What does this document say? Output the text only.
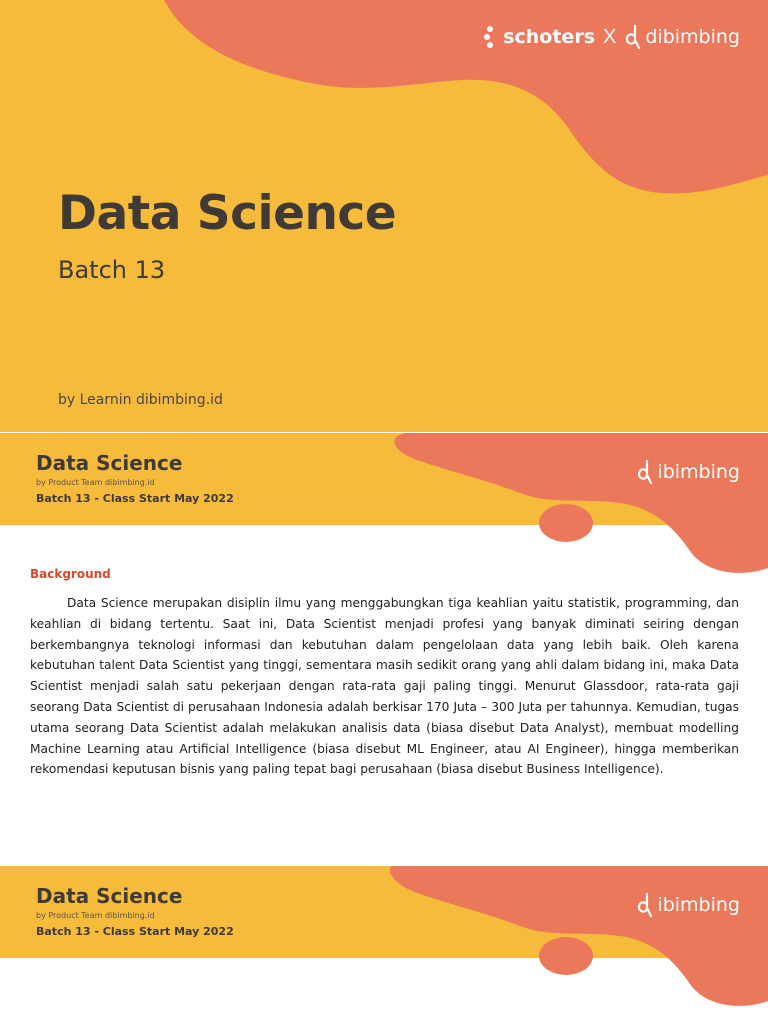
schoters X dibimbing
Data Science
Batch 13
by Learnin dibimbing.id
Data Science
by Product Team dibimbing.id
Batch 13 - Class Start May 2022
ibimbing
Background

Data Science merupakan disiplin ilmu yang menggabungkan tiga keahlian yaitu statistik, programming, dan keahlian di bidang tertentu. Saat ini, Data Scientist menjadi profesi yang banyak diminati seiring dengan berkembangnya teknologi informasi dan kebutuhan dalam pengelolaan data yang lebih baik. Oleh karena kebutuhan talent Data Scientist yang tinggi, sementara masih sedikit orang yang ahli dalam bidang ini, maka Data Scientist menjadi salah satu pekerjaan dengan rata-rata gaji paling tinggi. Menurut Glassdoor, rata-rata gaji seorang Data Scientist di perusahaan Indonesia adalah berkisar 170 Juta – 300 Juta per tahunnya. Kemudian, tugas utama seorang Data Scientist adalah melakukan analisis data (biasa disebut Data Analyst), membuat modelling Machine Learning atau Artificial Intelligence (biasa disebut ML Engineer, atau AI Engineer), hingga memberikan rekomendasi keputusan bisnis yang paling tepat bagi perusahaan (biasa disebut Business Intelligence).

Data Science
by Product Team dibimbing.id
Batch 13 - Class Start May 2022
ibimbing
